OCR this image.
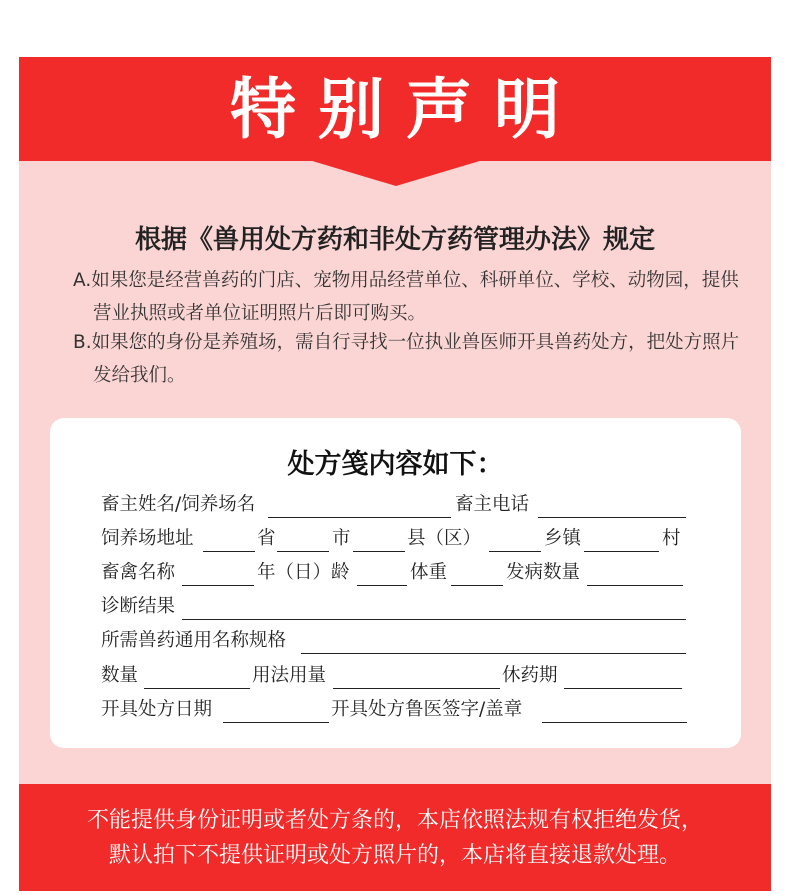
特别声明
根据《兽用处方药和非处方药管理办法》规定
A.如果您是经营兽药的门店、宠物用品经营单位、科研单位、学校、动物园，提供营业执照或者单位证明照片后即可购买。
B.如果您的身份是养殖场，需自行寻找一位执业兽医师开具兽药处方，把处方照片发给我们。
处方笺内容如下：
畜主姓名/饲养场名	畜主电话
饲养场地址	省	市	县（区）	乡镇	村
畜禽名称	年（日）龄	体重	发病数量
诊断结果
所需兽药通用名称规格
数量	用法用量	休药期
开具处方日期	开具处方鲁医签字/盖章
不能提供身份证明或者处方条的，本店依照法规有权拒绝发货，
默认拍下不提供证明或处方照片的，本店将直接退款处理。
